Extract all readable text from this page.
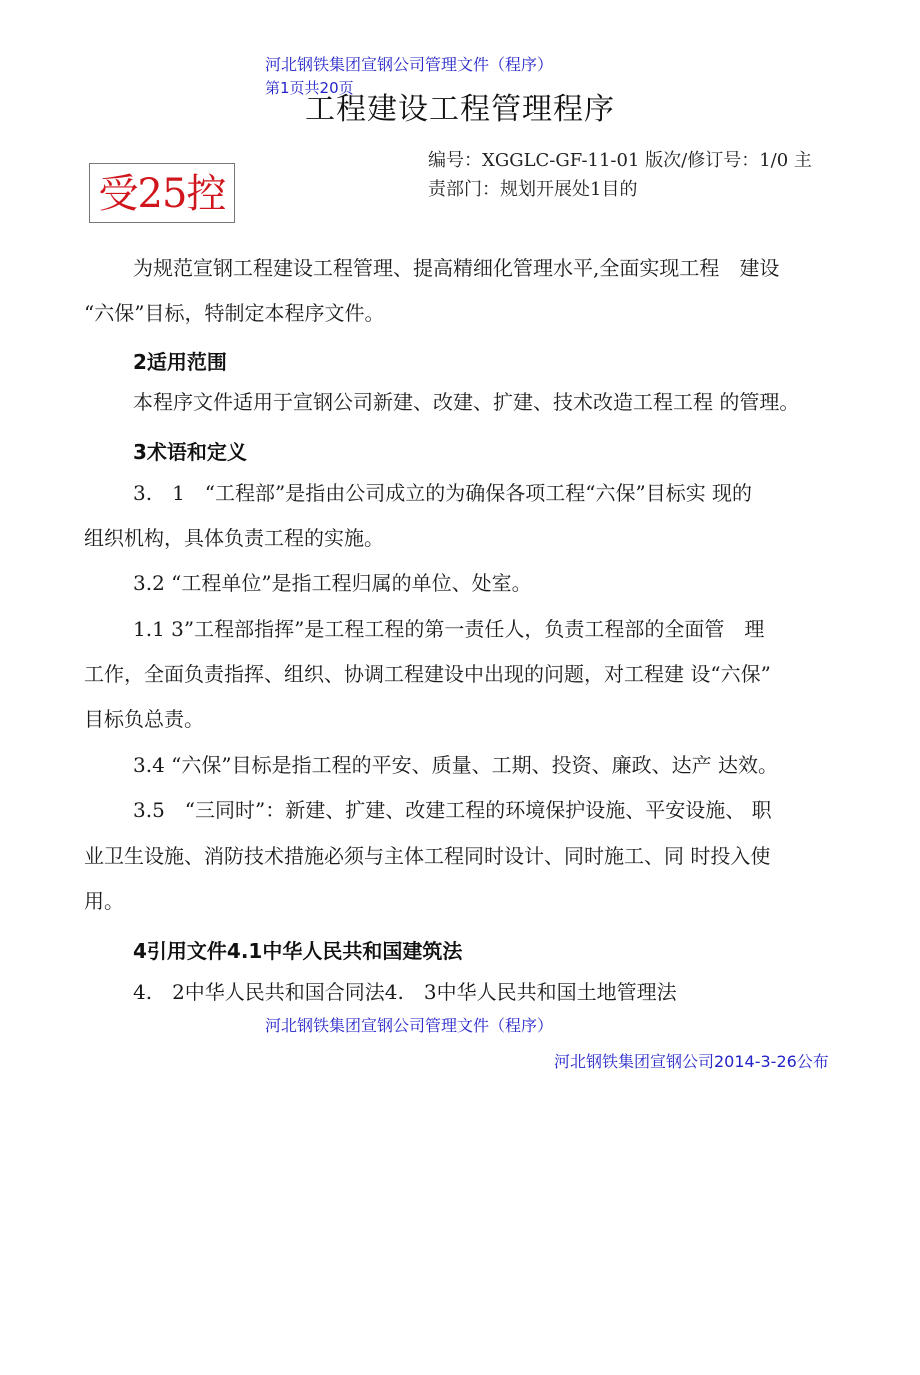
河北钢铁集团宣钢公司管理文件（程序）
第1页共20页
工程建设工程管理程序
编号：XGGLC-GF-11-01 版次/修订号：1/0 主
责部门：规划开展处1目的
受25控
为规范宣钢工程建设工程管理、提高精细化管理水平,全面实现工程　建设
“六保”目标，特制定本程序文件。
2适用范围
本程序文件适用于宣钢公司新建、改建、扩建、技术改造工程工程 的管理。
3术语和定义
3.　1　“工程部”是指由公司成立的为确保各项工程“六保”目标实 现的
组织机构，具体负责工程的实施。
3.2 “工程单位”是指工程归属的单位、处室。
1.1 3”工程部指挥”是工程工程的第一责任人，负责工程部的全面管　理
工作，全面负责指挥、组织、协调工程建设中出现的问题，对工程建 设“六保”
目标负总责。
3.4 “六保”目标是指工程的平安、质量、工期、投资、廉政、达产 达效。
3.5　“三同时”：新建、扩建、改建工程的环境保护设施、平安设施、 职
业卫生设施、消防技术措施必须与主体工程同时设计、同时施工、同 时投入使
用。
4引用文件4.1中华人民共和国建筑法
4.　2中华人民共和国合同法4.　3中华人民共和国土地管理法
河北钢铁集团宣钢公司管理文件（程序）
河北钢铁集团宣钢公司2014-3-26公布
